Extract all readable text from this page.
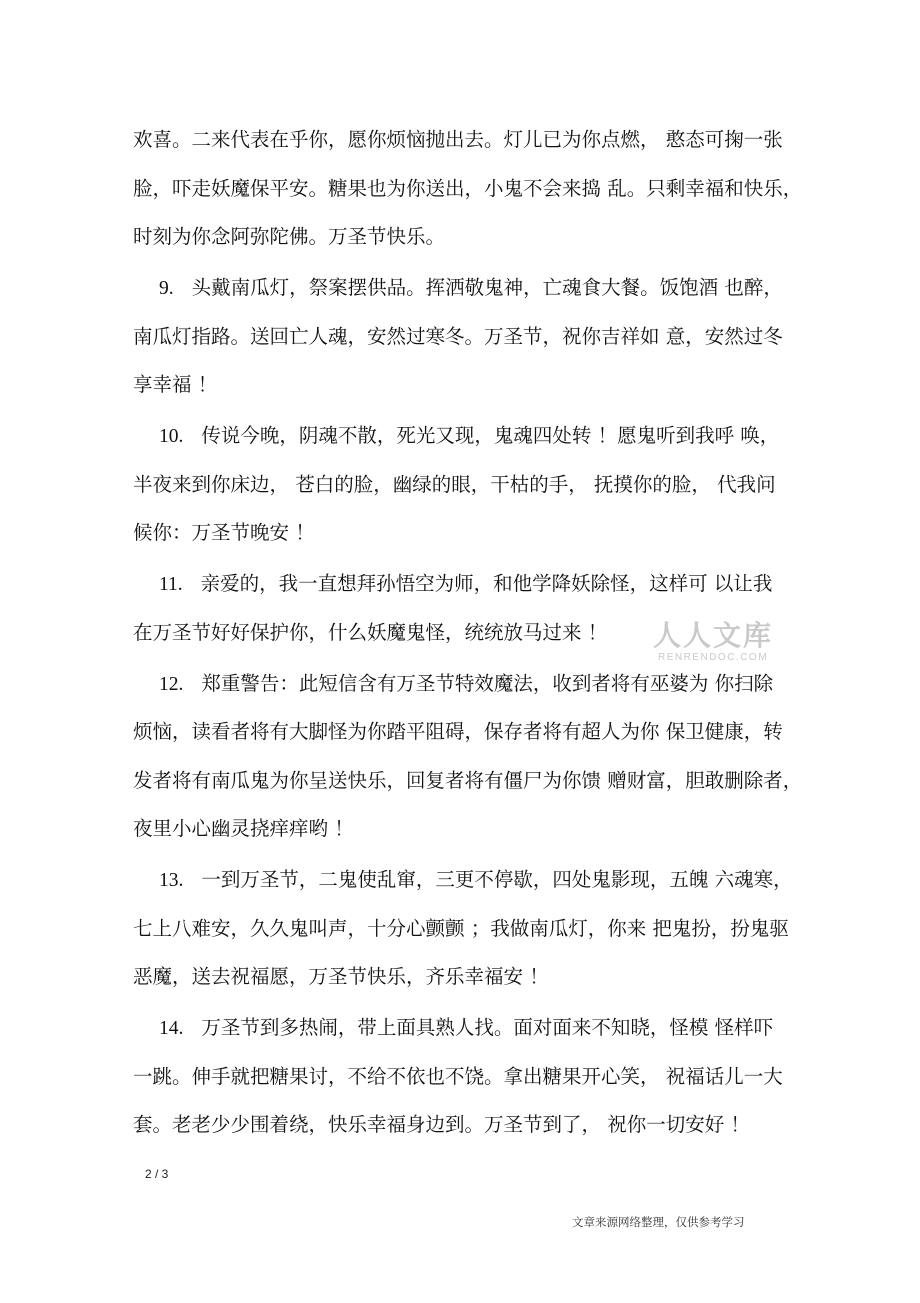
欢喜。二来代表在乎你，愿你烦恼抛出去。灯儿已为你点燃， 憨态可掬一张

脸，吓走妖魔保平安。糖果也为你送出，小鬼不会来捣 乱。只剩幸福和快乐，

时刻为你念阿弥陀佛。万圣节快乐。

9. 头戴南瓜灯，祭案摆供品。挥洒敬鬼神，亡魂食大餐。饭饱酒 也醉，

南瓜灯指路。送回亡人魂，安然过寒冬。万圣节，祝你吉祥如 意，安然过冬

享幸福 ！

10. 传说今晚，阴魂不散，死光又现，鬼魂四处转 ！愿鬼听到我呼 唤，

半夜来到你床边， 苍白的脸，幽绿的眼，干枯的手， 抚摸你的脸， 代我问

候你：万圣节晚安 ！

11. 亲爱的，我一直想拜孙悟空为师，和他学降妖除怪，这样可 以让我

在万圣节好好保护你，什么妖魔鬼怪，统统放马过来 ！

12. 郑重警告：此短信含有万圣节特效魔法，收到者将有巫婆为 你扫除

烦恼，读看者将有大脚怪为你踏平阻碍，保存者将有超人为你 保卫健康，转

发者将有南瓜鬼为你呈送快乐，回复者将有僵尸为你馈 赠财富，胆敢删除者，

夜里小心幽灵挠痒痒哟 ！

13. 一到万圣节，二鬼使乱窜，三更不停歇，四处鬼影现，五魄 六魂寒，

七上八难安，久久鬼叫声，十分心颤颤 ；我做南瓜灯，你来 把鬼扮，扮鬼驱

恶魔，送去祝福愿，万圣节快乐，齐乐幸福安 ！

14. 万圣节到多热闹，带上面具熟人找。面对面来不知晓，怪模 怪样吓

一跳。伸手就把糖果讨，不给不依也不饶。拿出糖果开心笑， 祝福话儿一大

套。老老少少围着绕，快乐幸福身边到。万圣节到了， 祝你一切安好 ！

人人文库
RENRENDOC.COM
2 / 3
文章来源网络整理，仅供参考学习
